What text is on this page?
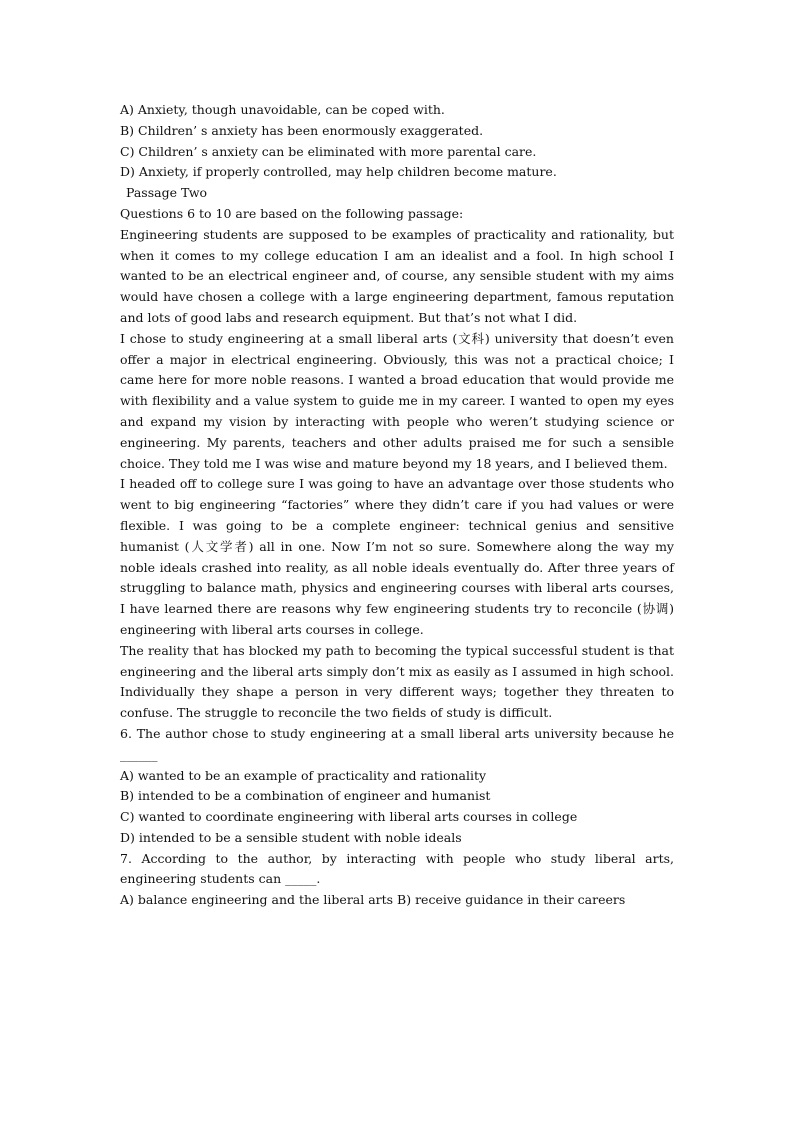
A) Anxiety, though unavoidable, can be coped with.

B) Children’ s anxiety has been enormously exaggerated.

C) Children’ s anxiety can be eliminated with more parental care.

D) Anxiety, if properly controlled, may help children become mature.

Passage Two

Questions 6 to 10 are based on the following passage:

Engineering students are supposed to be examples of practicality and rationality, but when it comes to my college education I am an idealist and a fool. In high school I wanted to be an electrical engineer and, of course, any sensible student with my aims would have chosen a college with a large engineering department, famous reputation and lots of good labs and research equipment. But that’s not what I did.

I chose to study engineering at a small liberal arts (文科) university that doesn’t even offer a major in electrical engineering. Obviously, this was not a practical choice; I came here for more noble reasons. I wanted a broad education that would provide me with flexibility and a value system to guide me in my career. I wanted to open my eyes and expand my vision by interacting with people who weren’t studying science or engineering. My parents, teachers and other adults praised me for such a sensible choice. They told me I was wise and mature beyond my 18 years, and I believed them.

I headed off to college sure I was going to have an advantage over those students who went to big engineering “factories” where they didn’t care if you had values or were flexible. I was going to be a complete engineer: technical genius and sensitive humanist (人文学者) all in one. Now I’m not so sure. Somewhere along the way my noble ideals crashed into reality, as all noble ideals eventually do. After three years of struggling to balance math, physics and engineering courses with liberal arts courses, I have learned there are reasons why few engineering students try to reconcile (协调) engineering with liberal arts courses in college.

The reality that has blocked my path to becoming the typical successful student is that engineering and the liberal arts simply don’t mix as easily as I assumed in high school. Individually they shape a person in very different ways; together they threaten to confuse. The struggle to reconcile the two fields of study is difficult.

6. The author chose to study engineering at a small liberal arts university because he ______

A) wanted to be an example of practicality and rationality

B) intended to be a combination of engineer and humanist

C) wanted to coordinate engineering with liberal arts courses in college

D) intended to be a sensible student with noble ideals

7. According to the author, by interacting with people who study liberal arts, engineering students can _____.

A) balance engineering and the liberal arts B) receive guidance in their careers
